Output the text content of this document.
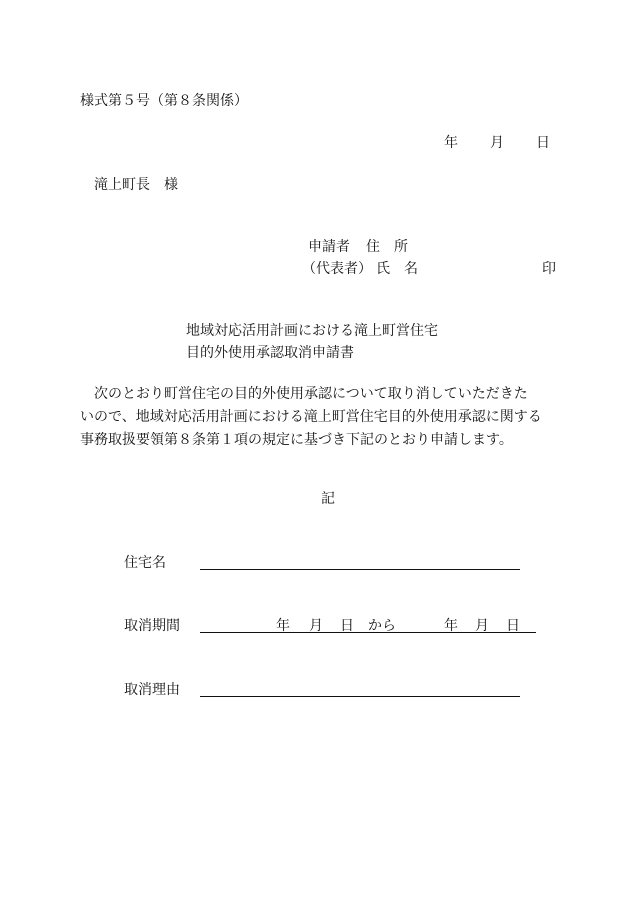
様式第５号（第８条関係）
年 月 日
滝上町長　様
申請者 住　所
（代表者） 氏　名	印
地域対応活用計画における滝上町営住宅
目的外使用承認取消申請書

次のとおり町営住宅の目的外使用承認について取り消していただきた

いので、地域対応活用計画における滝上町営住宅目的外使用承認に関する

事務取扱要領第８条第１項の規定に基づき下記のとおり申請します。

記
住宅名
取消期間	年 月 日 から	年 月 日
取消理由
